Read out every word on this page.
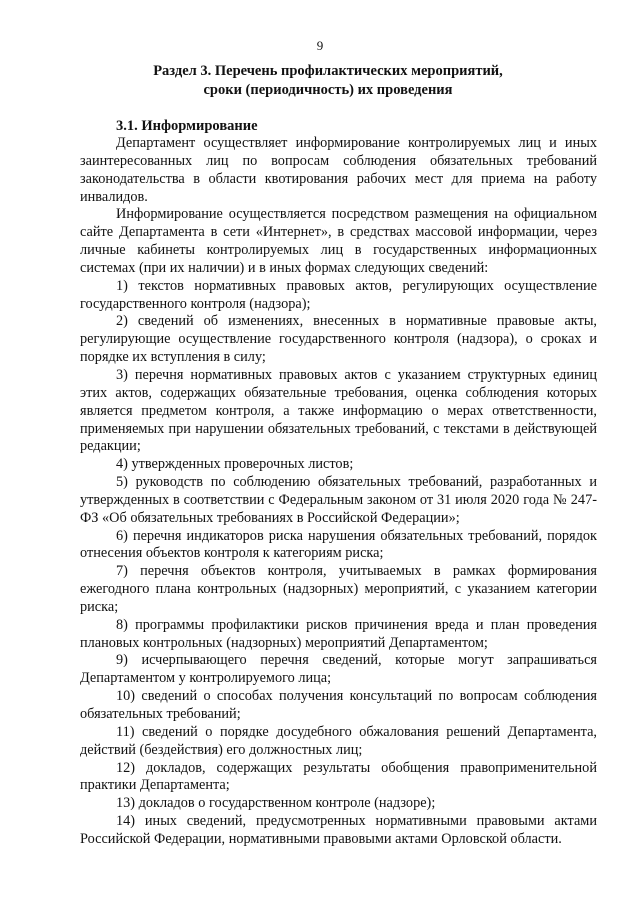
9
Раздел 3. Перечень профилактических мероприятий,
сроки (периодичность) их проведения
3.1. Информирование

Департамент осуществляет информирование контролируемых лиц и иных заинтересованных лиц по вопросам соблюдения обязательных требований законодательства в области квотирования рабочих мест для приема на работу инвалидов.

Информирование осуществляется посредством размещения на официальном сайте Департамента в сети «Интернет», в средствах массовой информации, через личные кабинеты контролируемых лиц в государственных информационных системах (при их наличии) и в иных формах следующих сведений:

1) текстов нормативных правовых актов, регулирующих осуществление государственного контроля (надзора);

2) сведений об изменениях, внесенных в нормативные правовые акты, регулирующие осуществление государственного контроля (надзора), о сроках и порядке их вступления в силу;

3) перечня нормативных правовых актов с указанием структурных единиц этих актов, содержащих обязательные требования, оценка соблюдения которых является предметом контроля, а также информацию о мерах ответственности, применяемых при нарушении обязательных требований, с текстами в действующей редакции;

4) утвержденных проверочных листов;

5) руководств по соблюдению обязательных требований, разработанных и утвержденных в соответствии с Федеральным законом от 31 июля 2020 года № 247-ФЗ «Об обязательных требованиях в Российской Федерации»;

6) перечня индикаторов риска нарушения обязательных требований, порядок отнесения объектов контроля к категориям риска;

7) перечня объектов контроля, учитываемых в рамках формирования ежегодного плана контрольных (надзорных) мероприятий, с указанием категории риска;

8) программы профилактики рисков причинения вреда и план проведения плановых контрольных (надзорных) мероприятий Департаментом;

9) исчерпывающего перечня сведений, которые могут запрашиваться Департаментом у контролируемого лица;

10) сведений о способах получения консультаций по вопросам соблюдения обязательных требований;

11) сведений о порядке досудебного обжалования решений Департамента, действий (бездействия) его должностных лиц;

12) докладов, содержащих результаты обобщения правоприменительной практики Департамента;

13) докладов о государственном контроле (надзоре);

14) иных сведений, предусмотренных нормативными правовыми актами Российской Федерации, нормативными правовыми актами Орловской области.
